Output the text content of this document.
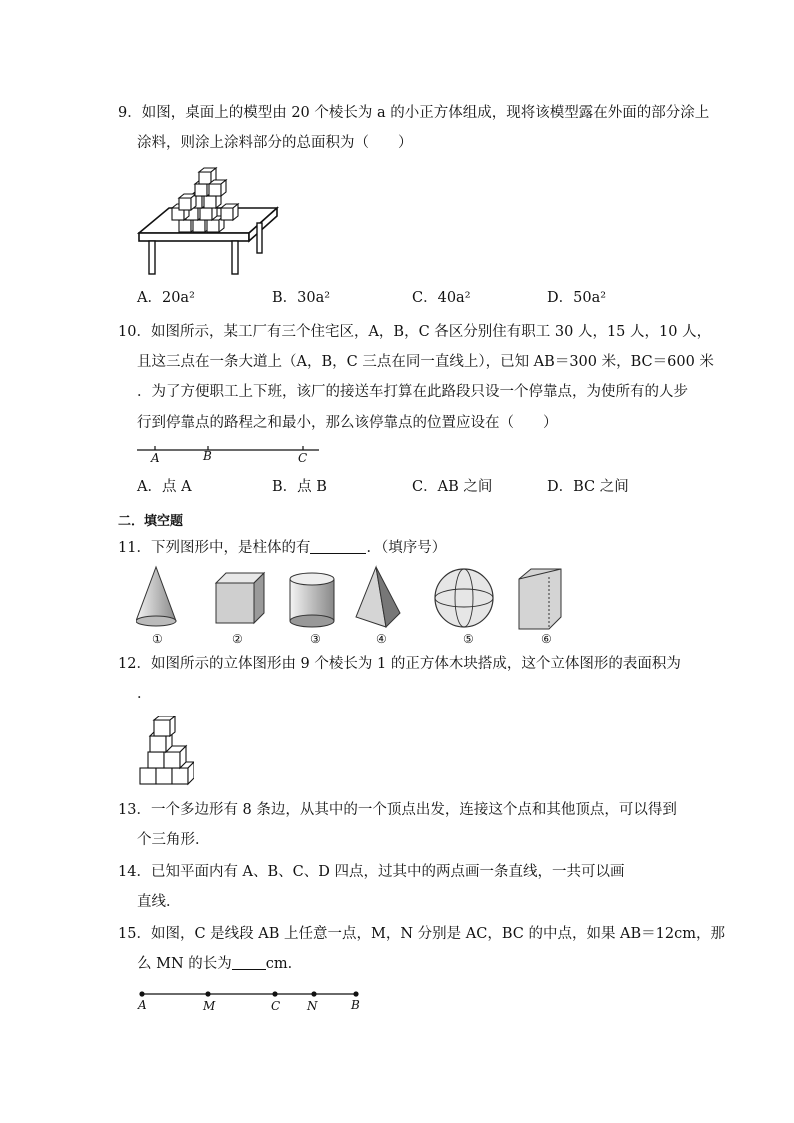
9．如图，桌面上的模型由 20 个棱长为 a 的小正方体组成，现将该模型露在外面的部分涂上
涂料，则涂上涂料部分的总面积为（　　）
A．20a²	B．30a²	C．40a²	D．50a²
10．如图所示，某工厂有三个住宅区，A，B，C 各区分别住有职工 30 人，15 人，10 人，
且这三点在一条大道上（A，B，C 三点在同一直线上），已知 AB＝300 米，BC＝600 米
．为了方便职工上下班，该厂的接送车打算在此路段只设一个停靠点，为使所有的人步
行到停靠点的路程之和最小，那么该停靠点的位置应设在（　　）
A	B	C
A．点 A	B．点 B	C．AB 之间	D．BC 之间
二．填空题
11．下列图形中，是柱体的有	．（填序号）
①	②	③	④	⑤	⑥
12．如图所示的立体图形由 9 个棱长为 1 的正方体木块搭成，这个立体图形的表面积为
．
13．一个多边形有 8 条边，从其中的一个顶点出发，连接这个点和其他顶点，可以得到
个三角形．
14．已知平面内有 A、B、C、D 四点，过其中的两点画一条直线，一共可以画
直线．
15．如图，C 是线段 AB 上任意一点，M，N 分别是 AC，BC 的中点，如果 AB＝12cm，那
么 MN 的长为 cm．
A	M	C N	B
